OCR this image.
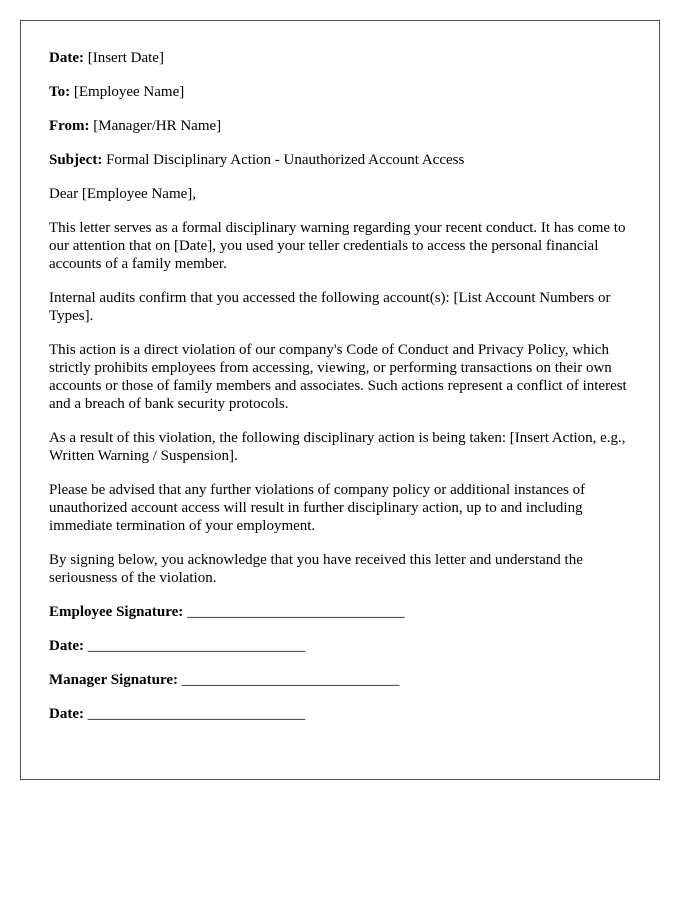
Date: [Insert Date]
To: [Employee Name]
From: [Manager/HR Name]
Subject: Formal Disciplinary Action - Unauthorized Account Access

Dear [Employee Name],

This letter serves as a formal disciplinary warning regarding your recent conduct. It has come to our attention that on [Date], you used your teller credentials to access the personal financial accounts of a family member.

Internal audits confirm that you accessed the following account(s): [List Account Numbers or Types].

This action is a direct violation of our company's Code of Conduct and Privacy Policy, which strictly prohibits employees from accessing, viewing, or performing transactions on their own accounts or those of family members and associates. Such actions represent a conflict of interest and a breach of bank security protocols.

As a result of this violation, the following disciplinary action is being taken: [Insert Action, e.g., Written Warning / Suspension].

Please be advised that any further violations of company policy or additional instances of unauthorized account access will result in further disciplinary action, up to and including immediate termination of your employment.

By signing below, you acknowledge that you have received this letter and understand the seriousness of the violation.

Employee Signature: _____________________________
Date: _____________________________
Manager Signature: _____________________________
Date: _____________________________
